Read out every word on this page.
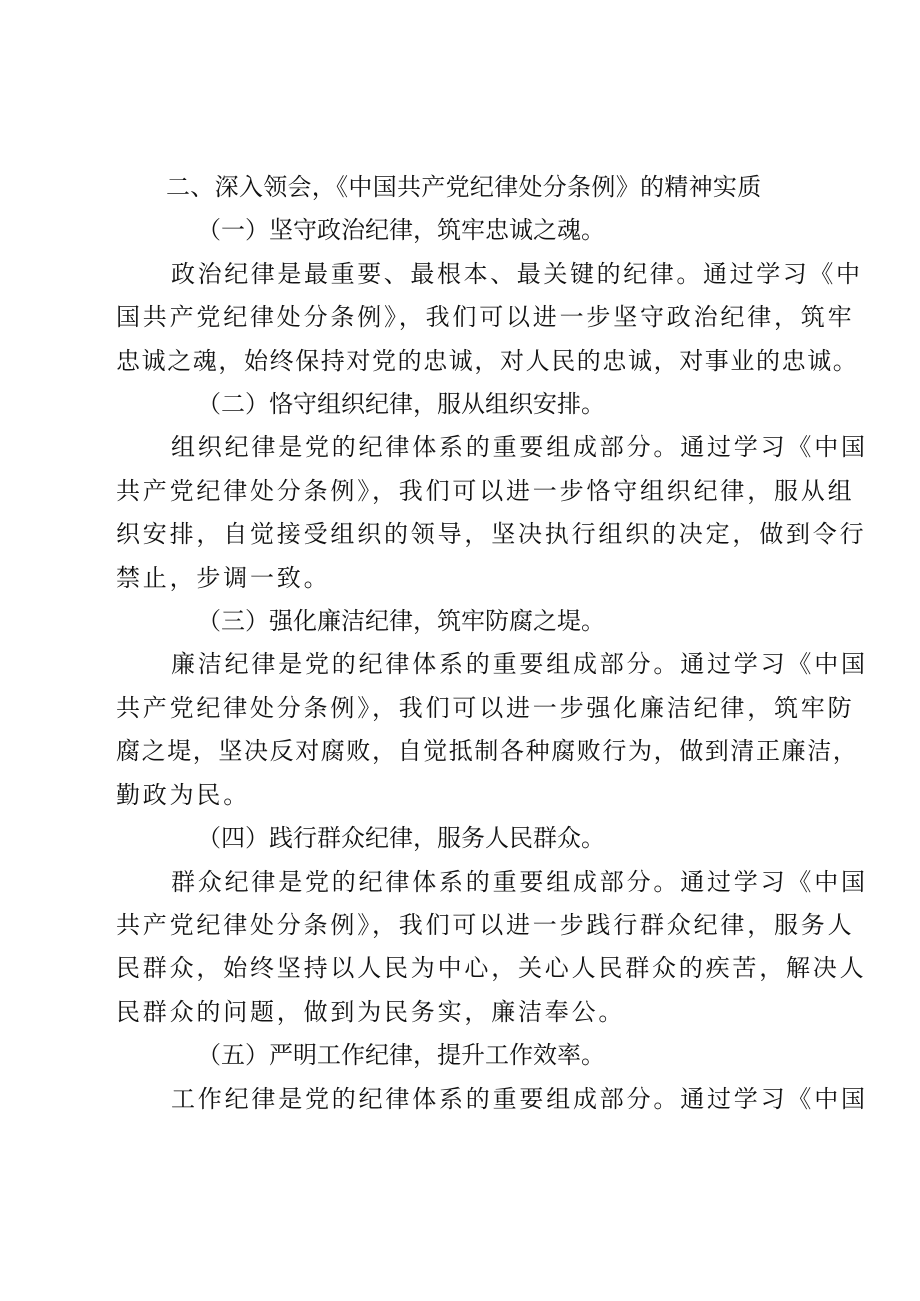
二、深入领会，《中国共产党纪律处分条例》的精神实质
（一）坚守政治纪律，筑牢忠诚之魂。
政治纪律是最重要、最根本、最关键的纪律。通过学习《中
国共产党纪律处分条例》，我们可以进一步坚守政治纪律，筑牢
忠诚之魂，始终保持对党的忠诚，对人民的忠诚，对事业的忠诚。
（二）恪守组织纪律，服从组织安排。
组织纪律是党的纪律体系的重要组成部分。通过学习《中国
共产党纪律处分条例》，我们可以进一步恪守组织纪律，服从组
织安排，自觉接受组织的领导，坚决执行组织的决定，做到令行
禁止，步调一致。
（三）强化廉洁纪律，筑牢防腐之堤。
廉洁纪律是党的纪律体系的重要组成部分。通过学习《中国
共产党纪律处分条例》，我们可以进一步强化廉洁纪律，筑牢防
腐之堤，坚决反对腐败，自觉抵制各种腐败行为，做到清正廉洁，
勤政为民。
（四）践行群众纪律，服务人民群众。
群众纪律是党的纪律体系的重要组成部分。通过学习《中国
共产党纪律处分条例》，我们可以进一步践行群众纪律，服务人
民群众，始终坚持以人民为中心，关心人民群众的疾苦，解决人
民群众的问题，做到为民务实，廉洁奉公。
（五）严明工作纪律，提升工作效率。
工作纪律是党的纪律体系的重要组成部分。通过学习《中国
